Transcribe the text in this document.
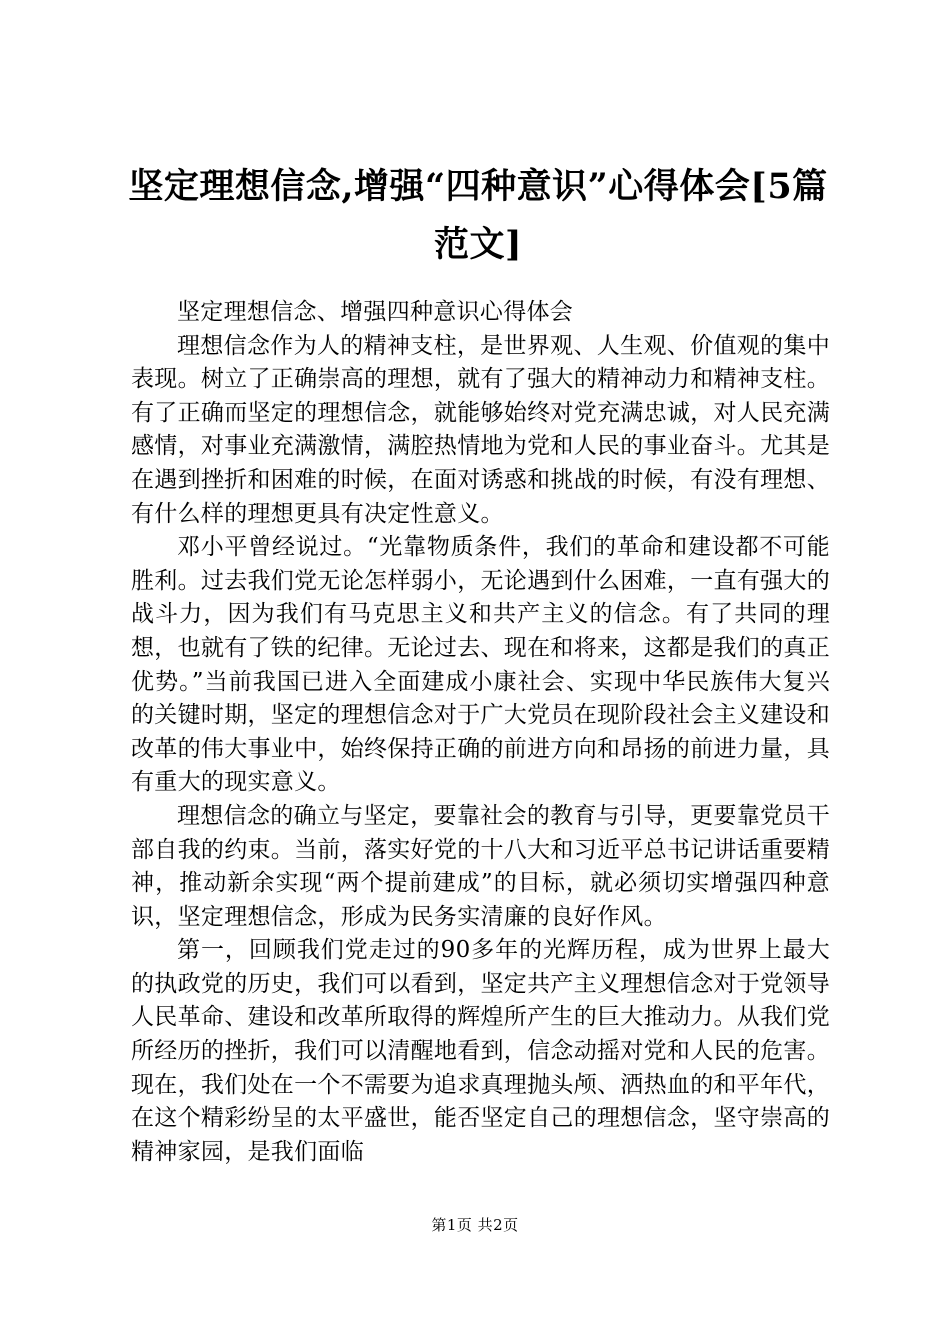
坚定理想信念,增强“四种意识”心得体会[5篇范文]

坚定理想信念、增强四种意识心得体会

理想信念作为人的精神支柱，是世界观、人生观、价值观的集中表现。树立了正确崇高的理想，就有了强大的精神动力和精神支柱。有了正确而坚定的理想信念，就能够始终对党充满忠诚，对人民充满感情，对事业充满激情，满腔热情地为党和人民的事业奋斗。尤其是在遇到挫折和困难的时候，在面对诱惑和挑战的时候，有没有理想、有什么样的理想更具有决定性意义。

邓小平曾经说过。“光靠物质条件，我们的革命和建设都不可能胜利。过去我们党无论怎样弱小，无论遇到什么困难，一直有强大的战斗力，因为我们有马克思主义和共产主义的信念。有了共同的理想，也就有了铁的纪律。无论过去、现在和将来，这都是我们的真正优势。”当前我国已进入全面建成小康社会、实现中华民族伟大复兴的关键时期，坚定的理想信念对于广大党员在现阶段社会主义建设和改革的伟大事业中，始终保持正确的前进方向和昂扬的前进力量，具有重大的现实意义。

理想信念的确立与坚定，要靠社会的教育与引导，更要靠党员干部自我的约束。当前，落实好党的十八大和习近平总书记讲话重要精神，推动新余实现“两个提前建成”的目标，就必须切实增强四种意识，坚定理想信念，形成为民务实清廉的良好作风。

第一，回顾我们党走过的90多年的光辉历程，成为世界上最大的执政党的历史，我们可以看到，坚定共产主义理想信念对于党领导人民革命、建设和改革所取得的辉煌所产生的巨大推动力。从我们党所经历的挫折，我们可以清醒地看到，信念动摇对党和人民的危害。现在，我们处在一个不需要为追求真理抛头颅、洒热血的和平年代，在这个精彩纷呈的太平盛世，能否坚定自己的理想信念，坚守崇高的精神家园，是我们面临

第1页 共2页
